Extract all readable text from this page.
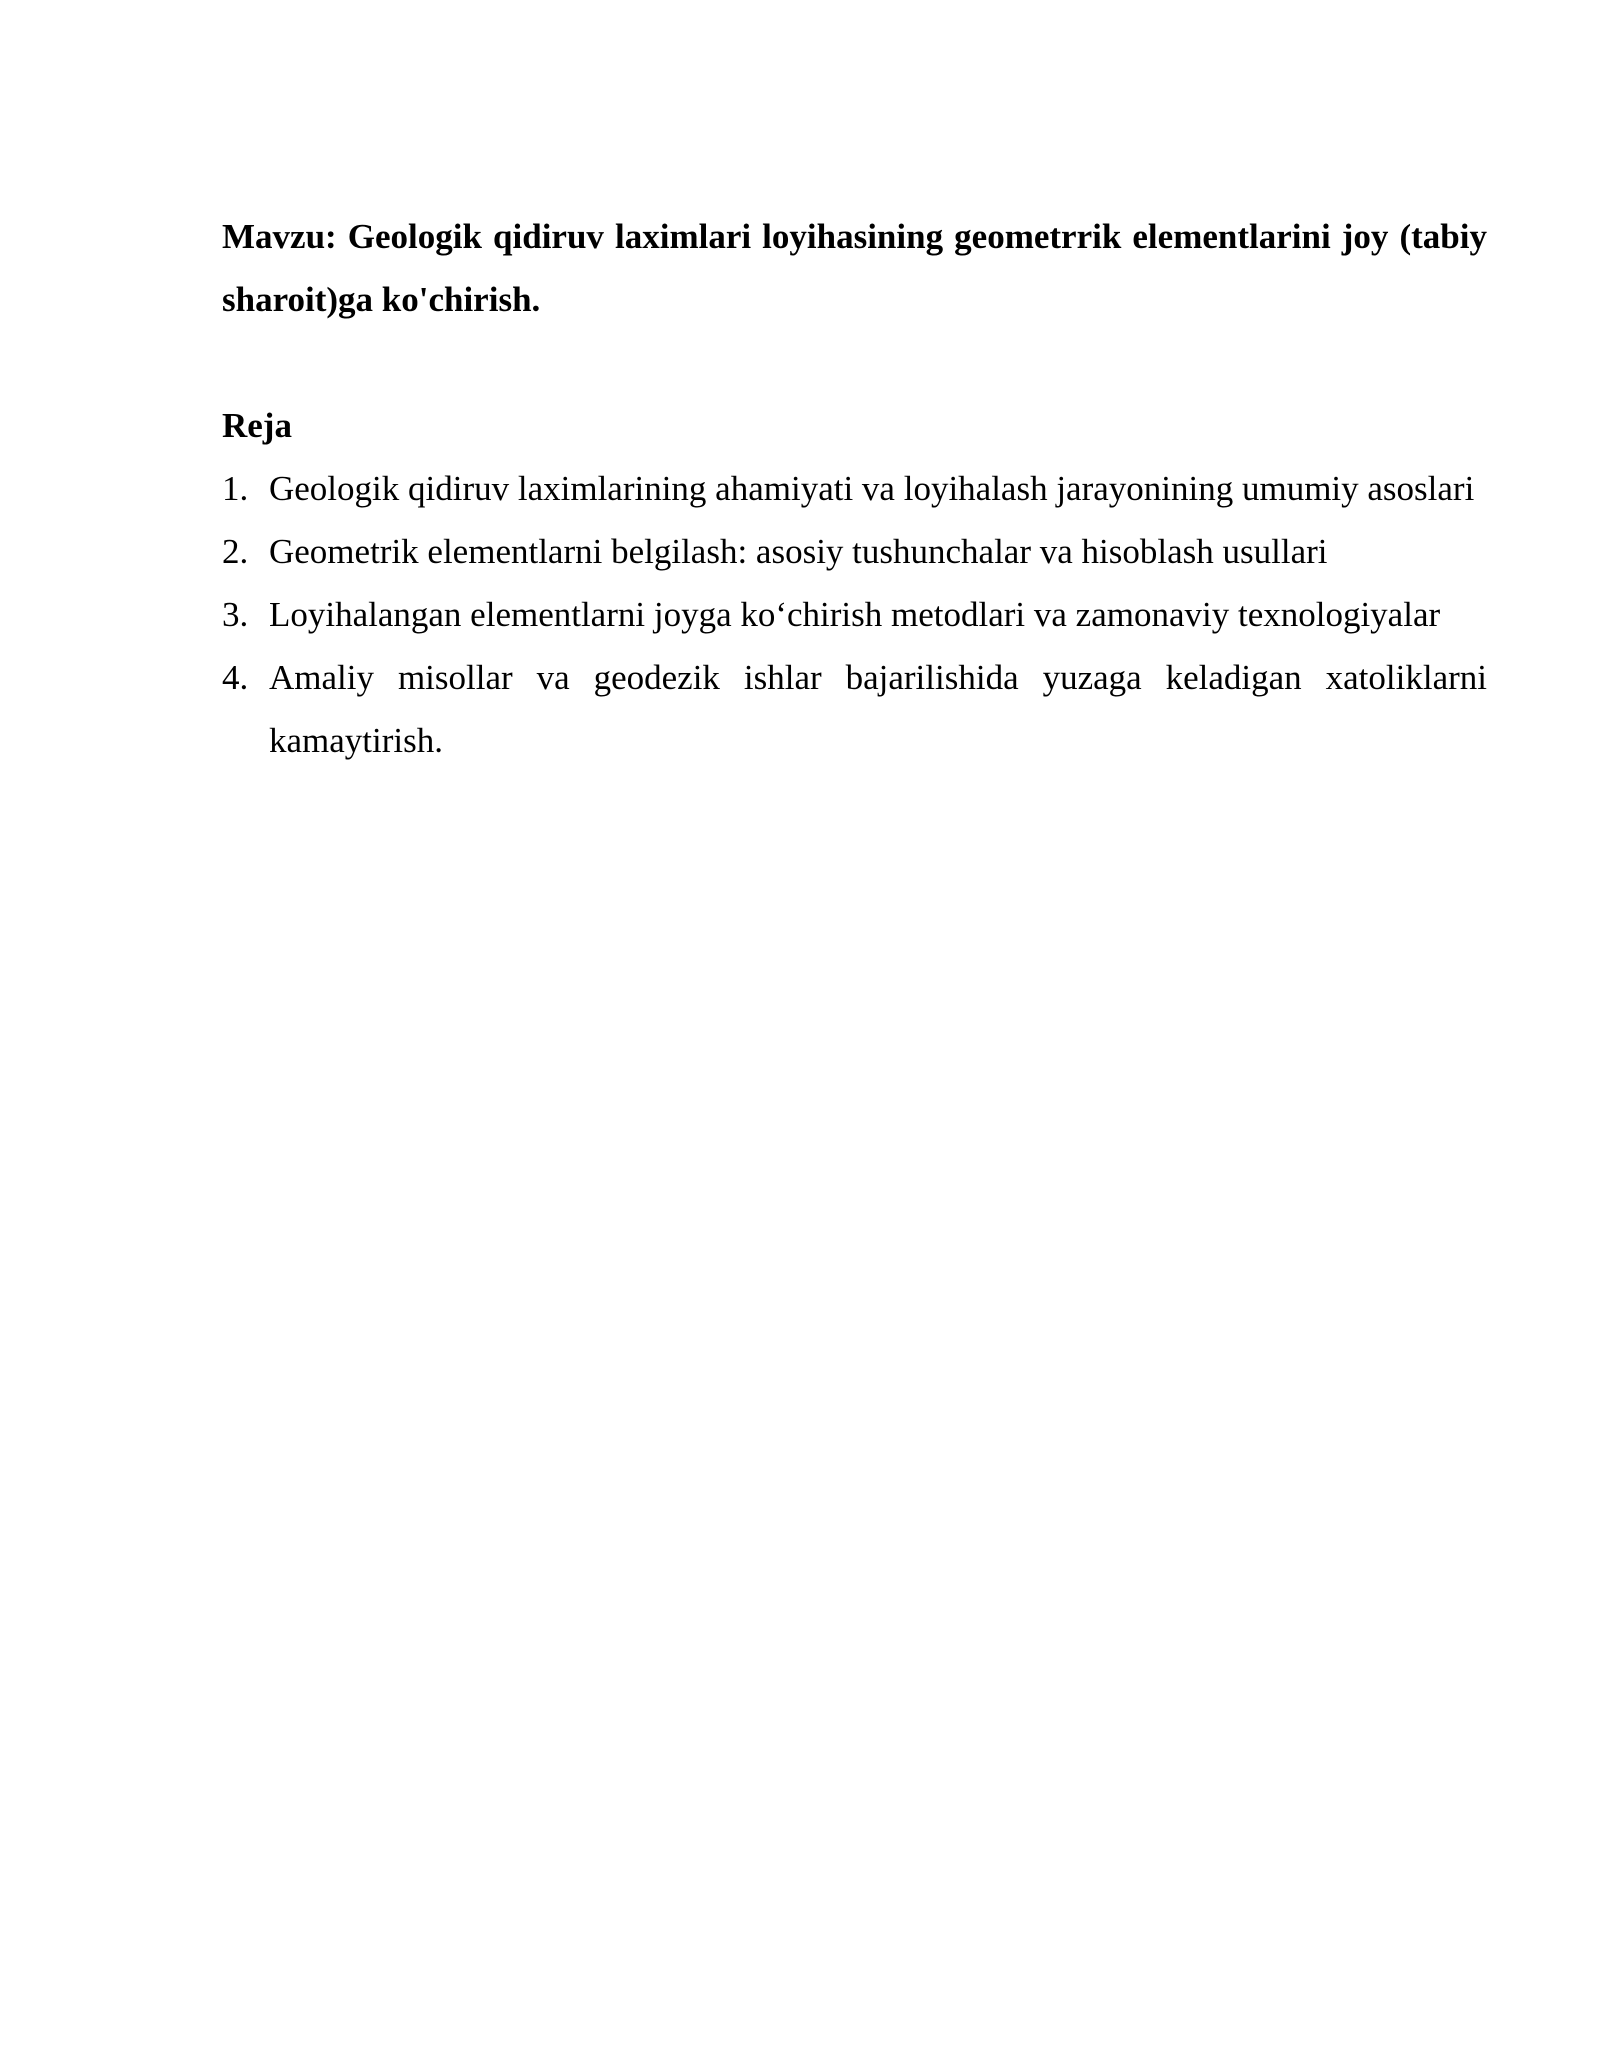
Mavzu: Geologik qidiruv laximlari loyihasining geometrrik elementlarini joy (tabiy sharoit)ga ko'chirish.

Reja

1. Geologik qidiruv laximlarining ahamiyati va loyihalash jarayonining umumiy asoslari
2. Geometrik elementlarni belgilash: asosiy tushunchalar va hisoblash usullari
3. Loyihalangan elementlarni joyga ko‘chirish metodlari va zamonaviy texnologiyalar
4. Amaliy misollar va geodezik ishlar bajarilishida yuzaga keladigan xatoliklarni kamaytirish.
